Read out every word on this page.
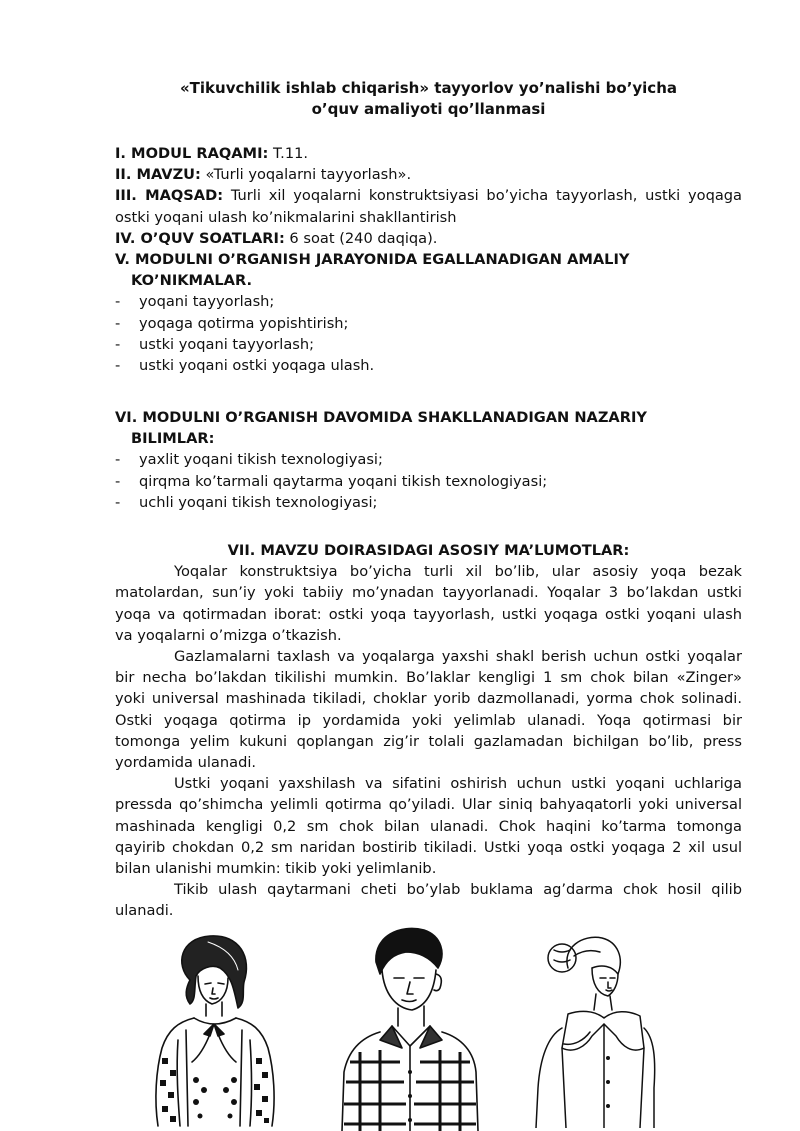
«Tikuvchilik ishlab chiqarish» tayyorlov yo’nalishi bo’yicha
o’quv amaliyoti qo’llanmasi
I. MODUL RAQAMI: T.11.
II. MAVZU: «Turli yoqalarni tayyorlash».
III. MAQSAD: Turli xil yoqalarni konstruktsiyasi bo’yicha tayyorlash, ustki yoqaga
ostki yoqani ulash ko’nikmalarini shakllantirish
IV. O’QUV SOATLARI: 6 soat (240 daqiqa).
V. MODULNI O’RGANISH JARAYONIDA EGALLANADIGAN AMALIY
KO’NIKMALAR.
- yoqani tayyorlash;
- yoqaga qotirma yopishtirish;
- ustki yoqani tayyorlash;
- ustki yoqani ostki yoqaga ulash.
VI. MODULNI O’RGANISH DAVOMIDA SHAKLLANADIGAN NAZARIY
BILIMLAR:
- yaxlit yoqani tikish texnologiyasi;
- qirqma ko’tarmali qaytarma yoqani tikish texnologiyasi;
- uchli yoqani tikish texnologiyasi;
VII. MAVZU DOIRASIDAGI ASOSIY MA’LUMOTLAR:
Yoqalar konstruktsiya bo’yicha turli xil bo’lib, ular asosiy yoqa bezak
matolardan, sun’iy yoki tabiiy mo’ynadan tayyorlanadi. Yoqalar 3 bo’lakdan ustki
yoqa va qotirmadan iborat: ostki yoqa tayyorlash, ustki yoqaga ostki yoqani ulash
va yoqalarni o’mizga o’tkazish.
Gazlamalarni taxlash va yoqalarga yaxshi shakl berish uchun ostki yoqalar
bir necha bo’lakdan tikilishi mumkin. Bo’laklar kengligi 1 sm chok bilan «Zinger»
yoki universal mashinada tikiladi, choklar yorib dazmollanadi, yorma chok solinadi.
Ostki yoqaga qotirma ip yordamida yoki yelimlab ulanadi. Yoqa qotirmasi bir
tomonga yelim kukuni qoplangan zig’ir tolali gazlamadan bichilgan bo’lib, press
yordamida ulanadi.
Ustki yoqani yaxshilash va sifatini oshirish uchun ustki yoqani uchlariga
pressda qo’shimcha yelimli qotirma qo’yiladi. Ular siniq bahyaqatorli yoki universal
mashinada kengligi 0,2 sm chok bilan ulanadi. Chok haqini ko’tarma tomonga
qayirib chokdan 0,2 sm naridan bostirib tikiladi. Ustki yoqa ostki yoqaga 2 xil usul
bilan ulanishi mumkin: tikib yoki yelimlanib.
Tikib ulash qaytarmani cheti bo’ylab buklama ag’darma chok hosil qilib
ulanadi.
